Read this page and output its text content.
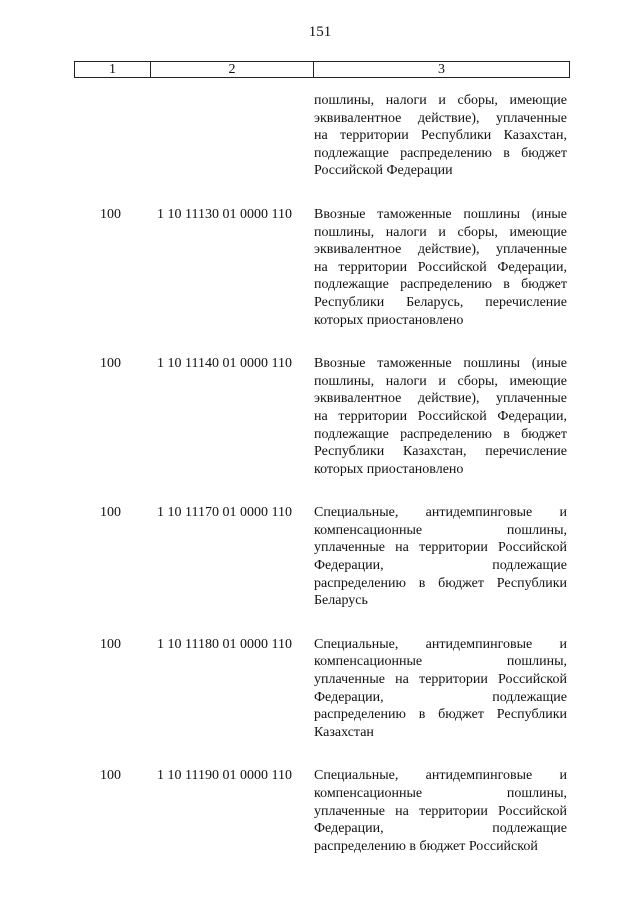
151
1	2	3
пошлины, налоги и сборы, имеющие
эквивалентное действие), уплаченные
на территории Республики Казахстан,
подлежащие распределению в бюджет
Российской Федерации
100	1 10 11130 01 0000 110 Ввозные таможенные пошлины (иные
пошлины, налоги и сборы, имеющие
эквивалентное действие), уплаченные
на территории Российской Федерации,
подлежащие распределению в бюджет
Республики Беларусь, перечисление
которых приостановлено
100	1 10 11140 01 0000 110 Ввозные таможенные пошлины (иные
пошлины, налоги и сборы, имеющие
эквивалентное действие), уплаченные
на территории Российской Федерации,
подлежащие распределению в бюджет
Республики Казахстан, перечисление
которых приостановлено
100	1 10 11170 01 0000 110 Специальные, антидемпинговые и
компенсационные пошлины,
уплаченные на территории Российской
Федерации, подлежащие
распределению в бюджет Республики
Беларусь
100	1 10 11180 01 0000 110 Специальные, антидемпинговые и
компенсационные пошлины,
уплаченные на территории Российской
Федерации, подлежащие
распределению в бюджет Республики
Казахстан
100	1 10 11190 01 0000 110 Специальные, антидемпинговые и
компенсационные пошлины,
уплаченные на территории Российской
Федерации, подлежащие
распределению в бюджет Российской
